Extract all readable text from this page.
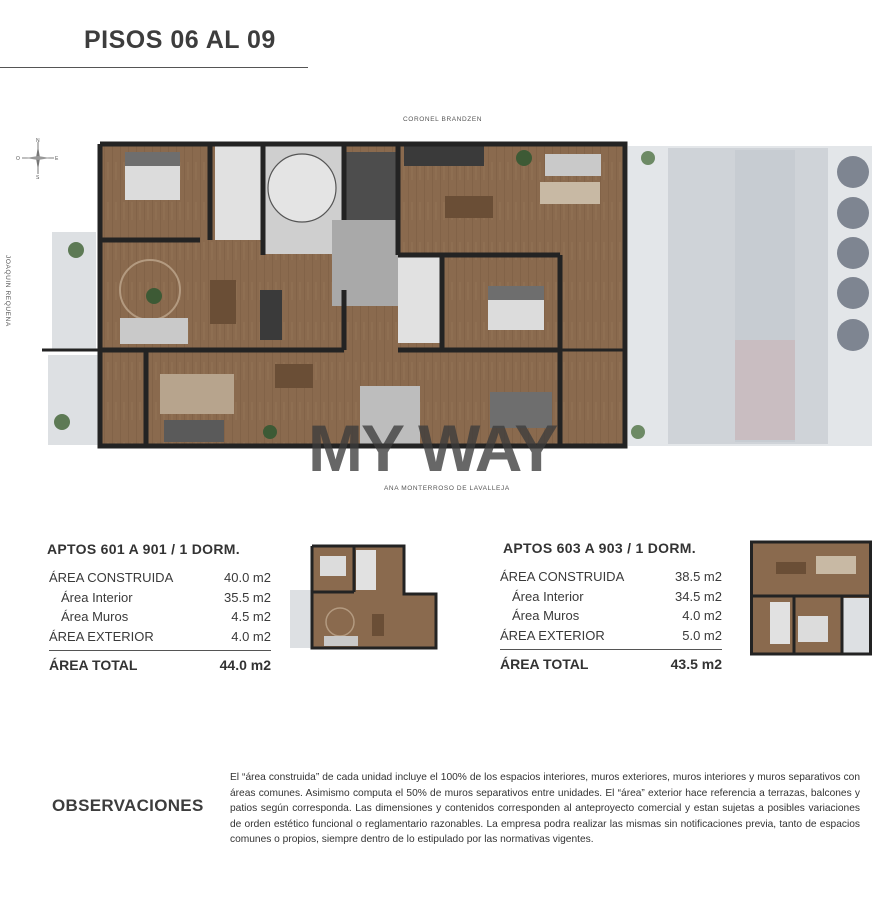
PISOS 06 AL 09
CORONEL BRANDZEN
ANA MONTERROSO DE LAVALLEJA
JOAQUIN REQUENA
N
S
E
O
MY WAY
APTOS 601 A 901 / 1 DORM.
ÁREA CONSTRUIDA	40.0 m2
Área Interior	35.5 m2
Área Muros	4.5 m2
ÁREA EXTERIOR	4.0 m2
ÁREA TOTAL	44.0 m2
APTOS 603 A 903 / 1 DORM.
ÁREA CONSTRUIDA	38.5 m2
Área Interior	34.5 m2
Área Muros	4.0 m2
ÁREA EXTERIOR	5.0 m2
ÁREA TOTAL	43.5 m2
OBSERVACIONES
El “área construida” de cada unidad incluye el 100% de los espacios interiores, muros exteriores, muros interiores y muros separativos con áreas comunes. Asimismo computa el 50% de muros separativos entre unidades. El “área” exterior hace referencia a terrazas, balcones y patios según corresponda. Las dimensiones y contenidos corresponden al anteproyecto comercial y estan sujetas a posibles variaciones de orden estético funcional o reglamentario razonables. La empresa podra realizar las mismas sin notificaciones previa, tanto de espacios comunes o propios, siempre dentro de lo estipulado por las normativas vigentes.
